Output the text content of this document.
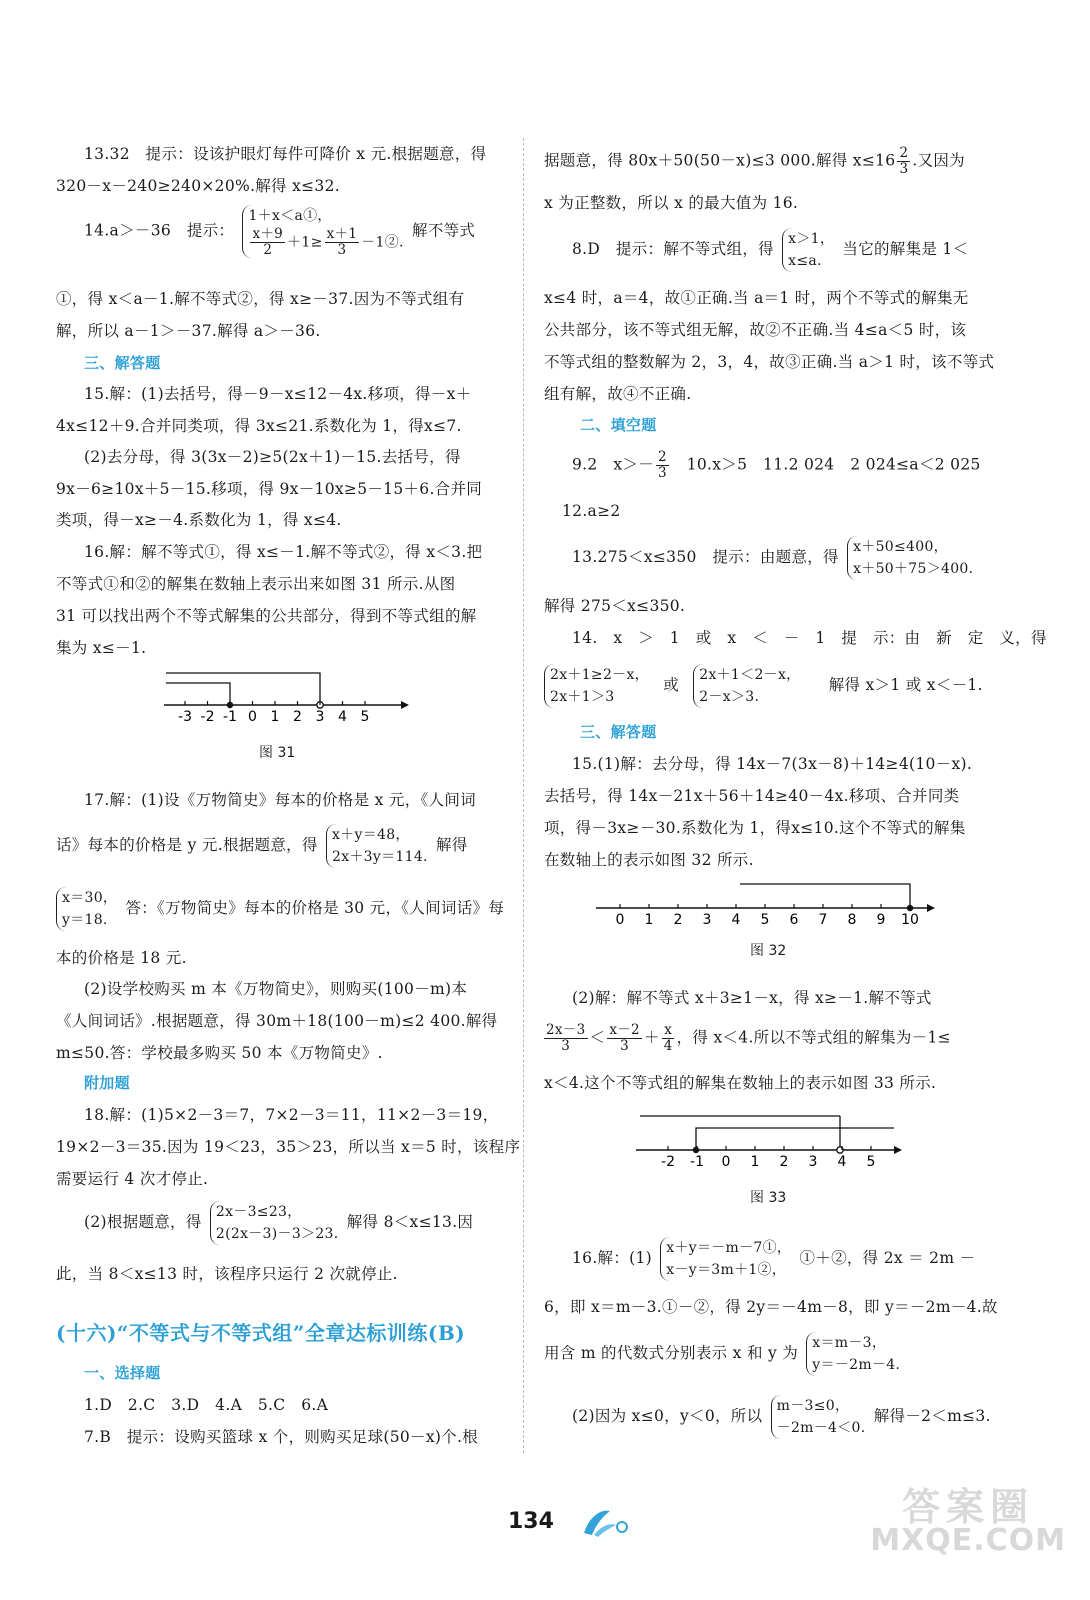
13.32　提示：设该护眼灯每件可降价 x 元.根据题意，得
320－x－240≥240×20%.解得 x≤32.
14.a＞－36　提示：
1＋x＜a①，
$\frac{x+9}{2} +1\ge \frac{x+1}{3}$ －1②.
解不等式
①，得 x＜a－1.解不等式②，得 x≥－37.因为不等式组有
解，所以 a－1＞－37.解得 a＞－36.
三、解答题
15.解：(1)去括号，得－9－x≤12－4x.移项，得－x＋
4x≤12＋9.合并同类项，得 3x≤21.系数化为 1，得x≤7.
(2)去分母，得 3(3x－2)≥5(2x＋1)－15.去括号，得
9x－6≥10x＋5－15.移项，得 9x－10x≥5－15＋6.合并同
类项，得－x≥－4.系数化为 1，得 x≤4.
16.解：解不等式①，得 x≤－1.解不等式②，得 x＜3.把
不等式①和②的解集在数轴上表示出来如图 31 所示.从图
31 可以找出两个不等式解集的公共部分，得到不等式组的解
集为 x≤－1.
-3 -2 -1 0 1 2 3 4 5
图 31
17.解：(1)设《万物简史》每本的价格是 x 元，《人间词
话》每本的价格是 y 元.根据题意，得
x＋y＝48，
2x＋3y＝114.
解得
x＝30，
y＝18.
答：《万物简史》每本的价格是 30 元，《人间词话》每
本的价格是 18 元.
(2)设学校购买 m 本《万物简史》，则购买(100－m)本
《人间词话》.根据题意，得 30m＋18(100－m)≤2 400.解得
m≤50.答：学校最多购买 50 本《万物简史》.
附加题
18.解：(1)5×2－3＝7，7×2－3＝11，11×2－3＝19，
19×2－3＝35.因为 19＜23，35＞23，所以当 x＝5 时，该程序
需要运行 4 次才停止.
(2)根据题意，得
2x－3≤23，
2(2x－3)－3＞23.
解得 8＜x≤13.因
此，当 8＜x≤13 时，该程序只运行 2 次就停止.
(十六)“不等式与不等式组”全章达标训练(B)
一、选择题
1.D　2.C　3.D　4.A　5.C　6.A
7.B　提示：设购买篮球 x 个，则购买足球(50－x)个.根
据题意，得 80x＋50(50－x)≤3 000.解得 $x\le 16 \frac{2}{3}$ .又因为
x 为正整数，所以 x 的最大值为 16.
8.D　提示：解不等式组，得
x＞1，
x≤a.
当它的解集是 1＜
x≤4 时，a＝4，故①正确.当 a＝1 时，两个不等式的解集无
公共部分，该不等式组无解，故②不正确.当 4≤a＜5 时，该
不等式组的整数解为 2，3，4，故③正确.当 a＞1 时，该不等式
组有解，故④不正确.
二、填空题
9.2　$x>- \frac{2}{3}$ 　10.x＞5　11.2 024　2 024≤a＜2 025
12.a≥2
13.275＜x≤350　提示：由题意，得
x＋50≤400，
x＋50＋75＞400.
解得 275＜x≤350.
14.　x　＞　1　或　x　＜　－　1　提　示：由　新　定　义，得
2x＋1≥2－x，
2x＋1＞3
或
2x＋1＜2－x，
2－x＞3.
解得 x＞1 或 x＜－1.
三、解答题
15.(1)解：去分母，得 14x－7(3x－8)＋14≥4(10－x).
去括号，得 14x－21x＋56＋14≥40－4x.移项、合并同类
项，得－3x≥－30.系数化为 1，得x≤10.这个不等式的解集
在数轴上的表示如图 32 所示.
0 1 2 3 4 5 6 7 8 9 10
图 32
(2)解：解不等式 x＋3≥1－x，得 x≥－1.解不等式
$\frac{2x-3}{3} < \frac{x-2}{3} + \frac{x}{4}$ ，得 x＜4.所以不等式组的解集为－1≤
x＜4.这个不等式组的解集在数轴上的表示如图 33 所示.
-2 -1 0 1 2 3 4 5
图 33
16.解：(1)
x＋y＝－m－7①，
x－y＝3m＋1②，
①＋②，得 2x ＝ 2m －
6，即 x＝m－3.①－②，得 2y＝－4m－8，即 y＝－2m－4.故
用含 m 的代数式分别表示 x 和 y 为
x＝m－3，
y＝－2m－4.
(2)因为 x≤0，y＜0，所以
m－3≤0，
－2m－4＜0.
解得－2＜m≤3.
134	答案圈
MXQE.COM
